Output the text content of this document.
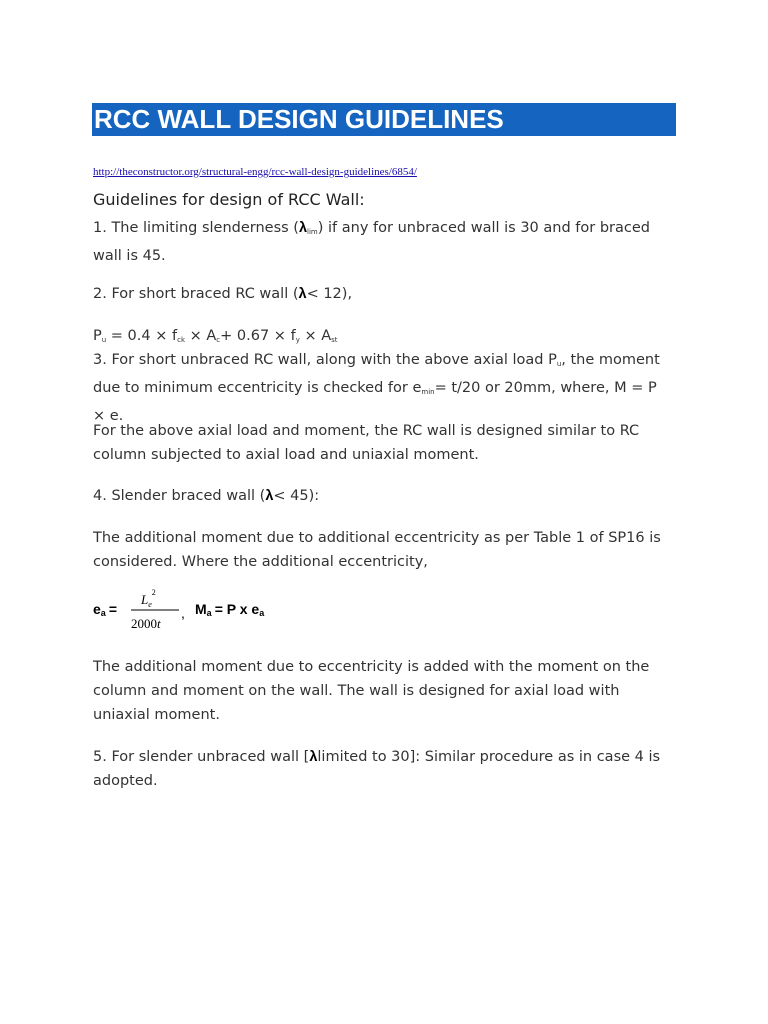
RCC WALL DESIGN GUIDELINES
http://theconstructor.org/structural-engg/rcc-wall-design-guidelines/6854/
Guidelines for design of RCC Wall:

1. The limiting slenderness $(\lambda_{lim})$ if any for unbraced wall is 30 and for braced wall is 45.

2. For short braced RC wall (λ< 12),

$P_u = 0.4 \times f_{ck} \times A_c+ 0.67 \times f_y \times A_{st}$

3. For short unbraced RC wall, along with the above axial load $P_u$, the moment due to minimum eccentricity is checked for $e_{min}= t/20$ or 20mm, where, M = P × e.

For the above axial load and moment, the RC wall is designed similar to RC column subjected to axial load and uniaxial moment.

4. Slender braced wall (λ< 45):

The additional moment due to additional eccentricity as per Table 1 of SP16 is considered. Where the additional eccentricity,

ea =
$L_e^2$
2000t
, Ma = P x ea

The additional moment due to eccentricity is added with the moment on the column and moment on the wall. The wall is designed for axial load with uniaxial moment.

5. For slender unbraced wall [λlimited to 30]: Similar procedure as in case 4 is adopted.
